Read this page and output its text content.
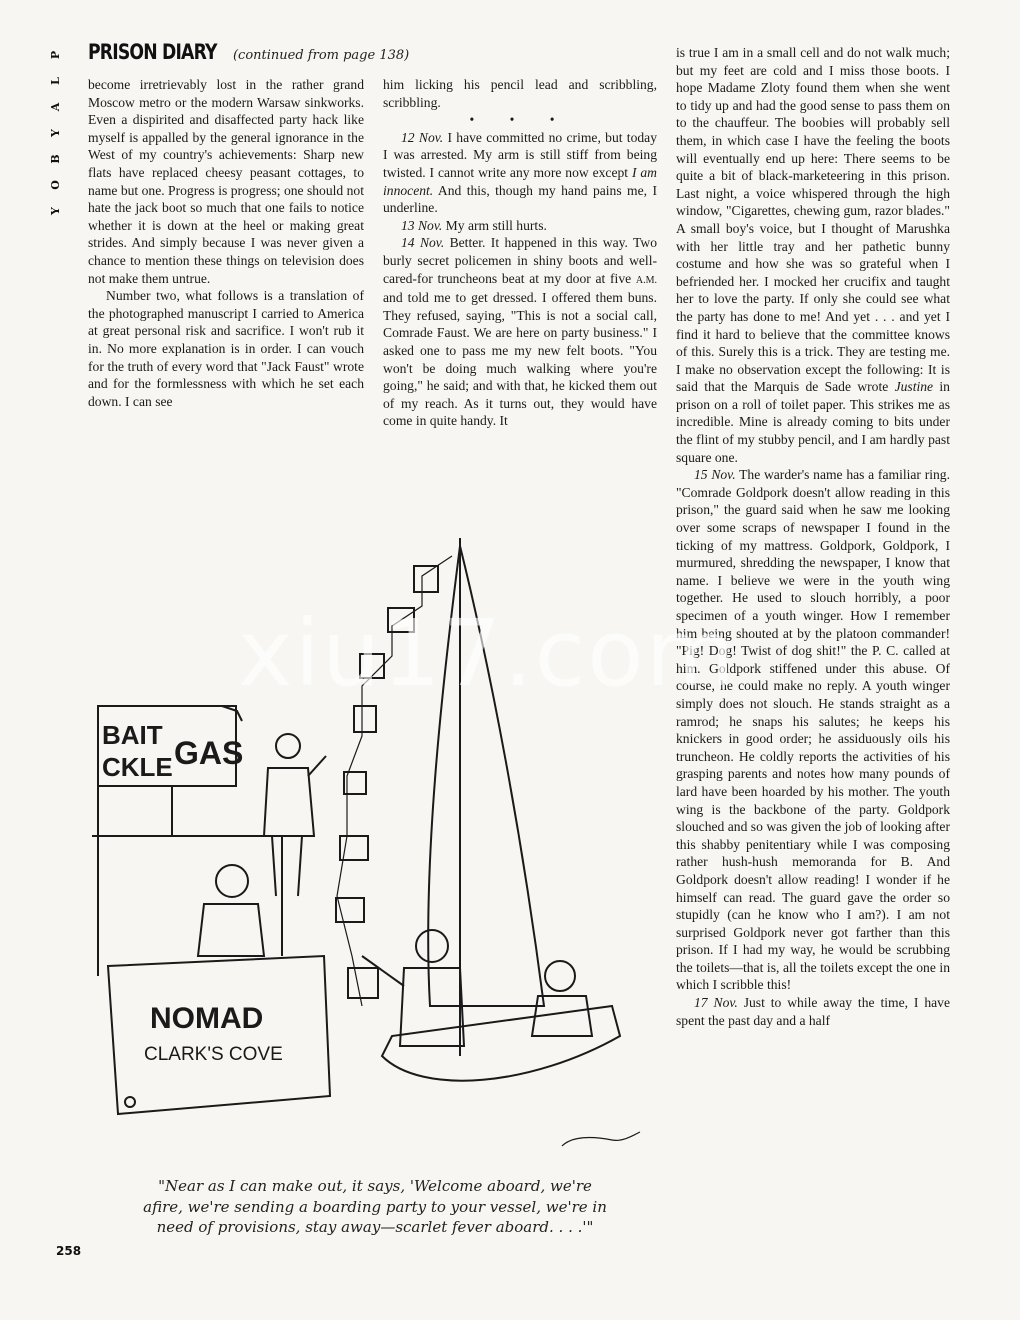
P
L
A
Y
B
O
Y
PRISON DIARY (continued from page 138)

become irretrievably lost in the rather grand Moscow metro or the modern Warsaw sinkworks. Even a dispirited and disaffected party hack like myself is appalled by the general ignorance in the West of my country's achievements: Sharp new flats have replaced cheesy peasant cottages, to name but one. Progress is progress; one should not hate the jack boot so much that one fails to notice whether it is down at the heel or making great strides. And simply because I was never given a chance to mention these things on television does not make them untrue.

Number two, what follows is a translation of the photographed manuscript I carried to America at great personal risk and sacrifice. I won't rub it in. No more explanation is in order. I can vouch for the truth of every word that "Jack Faust" wrote and for the formlessness with which he set each down. I can see

him licking his pencil lead and scribbling, scribbling.

• • •

12 Nov. I have committed no crime, but today I was arrested. My arm is still stiff from being twisted. I cannot write any more now except I am innocent. And this, though my hand pains me, I underline.

13 Nov. My arm still hurts.

14 Nov. Better. It happened in this way. Two burly secret policemen in shiny boots and well-cared-for truncheons beat at my door at five A.M. and told me to get dressed. I offered them buns. They refused, saying, "This is not a social call, Comrade Faust. We are here on party business." I asked one to pass me my new felt boots. "You won't be doing much walking where you're going," he said; and with that, he kicked them out of my reach. As it turns out, they would have come in quite handy. It

is true I am in a small cell and do not walk much; but my feet are cold and I miss those boots. I hope Madame Zloty found them when she went to tidy up and had the good sense to pass them on to the chauffeur. The boobies will probably sell them, in which case I have the feeling the boots will eventually end up here: There seems to be quite a bit of black-marketeering in this prison. Last night, a voice whispered through the high window, "Cigarettes, chewing gum, razor blades." A small boy's voice, but I thought of Marushka with her little tray and her pathetic bunny costume and how she was so grateful when I befriended her. I mocked her crucifix and taught her to love the party. If only she could see what the party has done to me! And yet . . . and yet I find it hard to believe that the committee knows of this. Surely this is a trick. They are testing me. I make no observation except the following: It is said that the Marquis de Sade wrote Justine in prison on a roll of toilet paper. This strikes me as incredible. Mine is already coming to bits under the flint of my stubby pencil, and I am hardly past square one.

15 Nov. The warder's name has a familiar ring. "Comrade Goldpork doesn't allow reading in this prison," the guard said when he saw me looking over some scraps of newspaper I found in the ticking of my mattress. Goldpork, Goldpork, I murmured, shredding the newspaper, I know that name. I believe we were in the youth wing together. He used to slouch horribly, a poor specimen of a youth winger. How I remember him being shouted at by the platoon commander! "Pig! Dog! Twist of dog shit!" the P. C. called at him. Goldpork stiffened under this abuse. Of course, he could make no reply. A youth winger simply does not slouch. He stands straight as a ramrod; he snaps his salutes; he keeps his knickers in good order; he assiduously oils his truncheon. He coldly reports the activities of his grasping parents and notes how many pounds of lard have been hoarded by his mother. The youth wing is the backbone of the party. Goldpork slouched and so was given the job of looking after this shabby penitentiary while I was composing rather hush-hush memoranda for B. And Goldpork doesn't allow reading! I wonder if he himself can read. The guard gave the order so stupidly (can he know who I am?). I am not surprised Goldpork never got farther than this prison. If I had my way, he would be scrubbing the toilets—that is, all the toilets except the one in which I scribble this!

17 Nov. Just to while away the time, I have spent the past day and a half

BAIT
CKLE GAS
NOMAD
CLARK'S COVE
"Near as I can make out, it says, 'Welcome aboard, we're afire, we're sending a boarding party to your vessel, we're in need of provisions, stay away—scarlet fever aboard. . . .'"
258
xiu17.com
